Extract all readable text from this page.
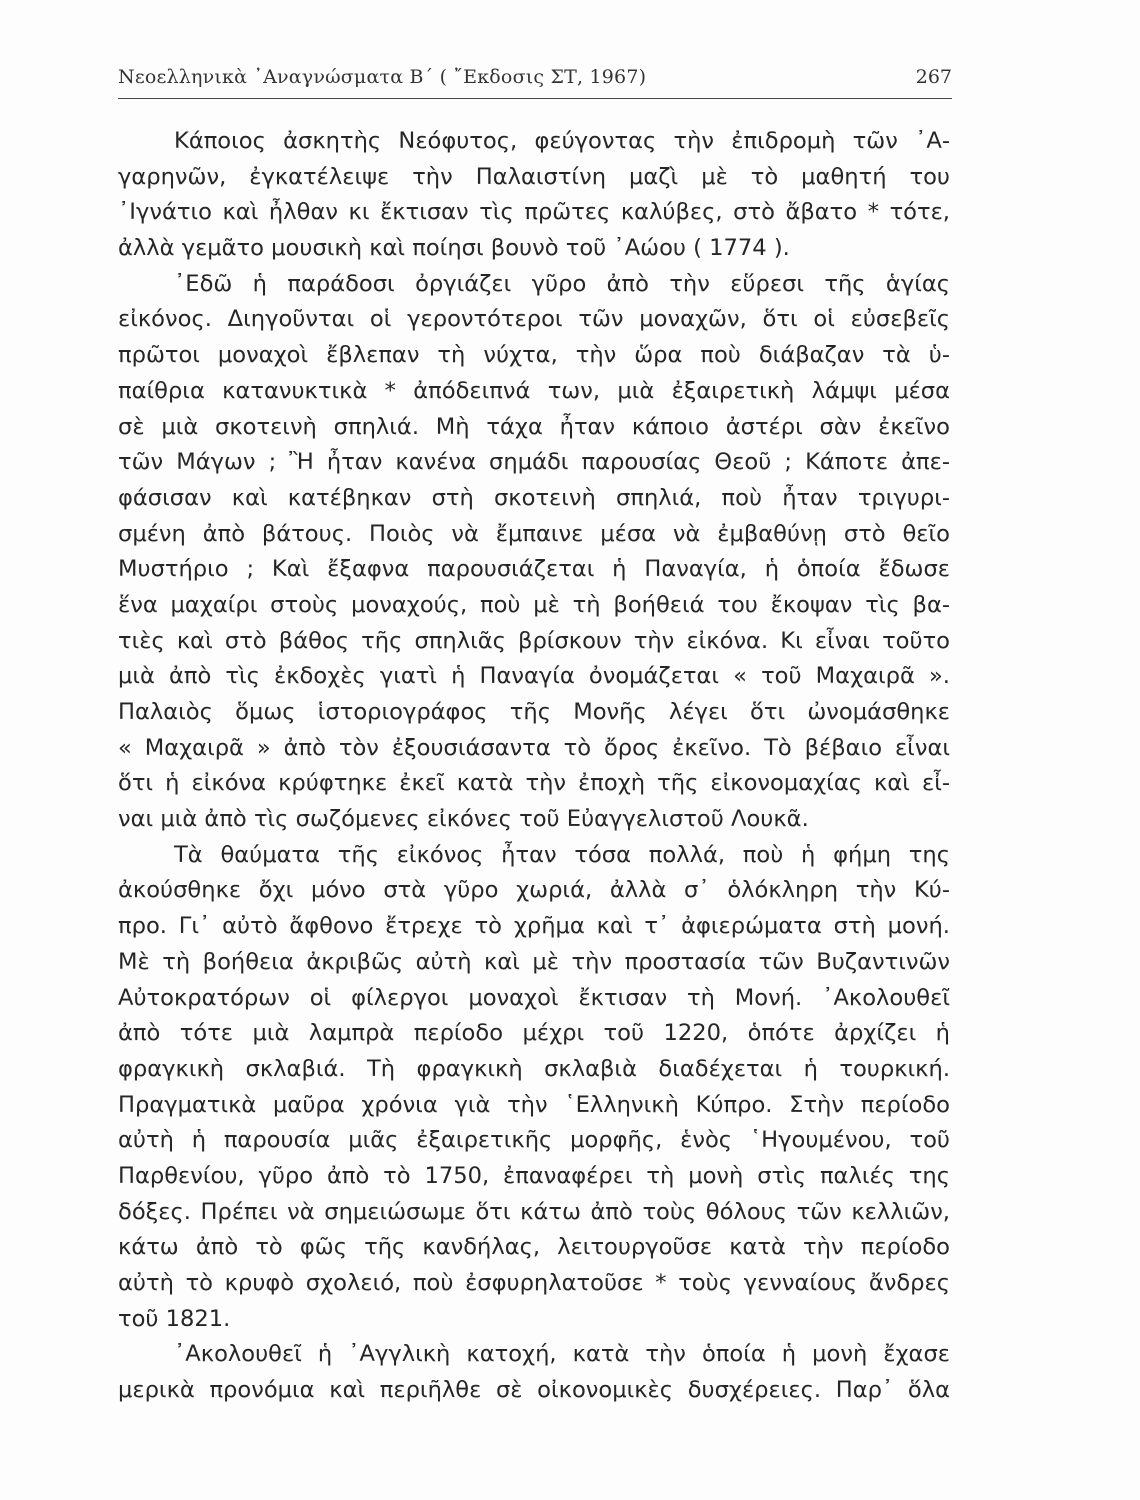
Νεοελληνικὰ ᾿Αναγνώσματα Β΄ ( ῎Εκδοσις ΣΤ, 1967)	267
Κάποιος ἀσκητὴς Νεόφυτος, φεύγοντας τὴν ἐπιδρομὴ τῶν ᾿Α-
γαρηνῶν, ἐγκατέλειψε τὴν Παλαιστίνη μαζὶ μὲ τὸ μαθητή του
᾿Ιγνάτιο καὶ ἦλθαν κι ἔκτισαν τὶς πρῶτες καλύβες, στὸ ἄβατο * τότε,
ἀλλὰ γεμᾶτο μουσικὴ καὶ ποίησι βουνὸ τοῦ ᾿Αώου ( 1774 ).
᾿Εδῶ ἡ παράδοσι ὀργιάζει γῦρο ἀπὸ τὴν εὕρεσι τῆς ἁγίας
εἰκόνος. Διηγοῦνται οἱ γεροντότεροι τῶν μοναχῶν, ὅτι οἱ εὐσεβεῖς
πρῶτοι μοναχοὶ ἔβλεπαν τὴ νύχτα, τὴν ὥρα ποὺ διάβαζαν τὰ ὑ-
παίθρια κατανυκτικὰ * ἀπόδειπνά των, μιὰ ἐξαιρετικὴ λάμψι μέσα
σὲ μιὰ σκοτεινὴ σπηλιά. Μὴ τάχα ἦταν κάποιο ἀστέρι σὰν ἐκεῖνο
τῶν Μάγων ; Ἢ ἦταν κανένα σημάδι παρουσίας Θεοῦ ; Κάποτε ἀπε-
φάσισαν καὶ κατέβηκαν στὴ σκοτεινὴ σπηλιά, ποὺ ἦταν τριγυρι-
σμένη ἀπὸ βάτους. Ποιὸς νὰ ἔμπαινε μέσα νὰ ἐμβαθύνῃ στὸ θεῖο
Μυστήριο ; Καὶ ἔξαφνα παρουσιάζεται ἡ Παναγία, ἡ ὁποία ἔδωσε
ἕνα μαχαίρι στοὺς μοναχούς, ποὺ μὲ τὴ βοήθειά του ἔκοψαν τὶς βα-
τιὲς καὶ στὸ βάθος τῆς σπηλιᾶς βρίσκουν τὴν εἰκόνα. Κι εἶναι τοῦτο
μιὰ ἀπὸ τὶς ἐκδοχὲς γιατὶ ἡ Παναγία ὀνομάζεται « τοῦ Μαχαιρᾶ ».
Παλαιὸς ὅμως ἱστοριογράφος τῆς Μονῆς λέγει ὅτι ὠνομάσθηκε
« Μαχαιρᾶ » ἀπὸ τὸν ἐξουσιάσαντα τὸ ὄρος ἐκεῖνο. Τὸ βέβαιο εἶναι
ὅτι ἡ εἰκόνα κρύφτηκε ἐκεῖ κατὰ τὴν ἐποχὴ τῆς εἰκονομαχίας καὶ εἶ-
ναι μιὰ ἀπὸ τὶς σωζόμενες εἰκόνες τοῦ Εὐαγγελιστοῦ Λουκᾶ.
Τὰ θαύματα τῆς εἰκόνος ἦταν τόσα πολλά, ποὺ ἡ φήμη της
ἀκούσθηκε ὄχι μόνο στὰ γῦρο χωριά, ἀλλὰ σ᾿ ὁλόκληρη τὴν Κύ-
προ. Γι᾿ αὐτὸ ἄφθονο ἔτρεχε τὸ χρῆμα καὶ τ᾿ ἀφιερώματα στὴ μονή.
Μὲ τὴ βοήθεια ἀκριβῶς αὐτὴ καὶ μὲ τὴν προστασία τῶν Βυζαντινῶν
Αὐτοκρατόρων οἱ φίλεργοι μοναχοὶ ἔκτισαν τὴ Μονή. ᾿Ακολουθεῖ
ἀπὸ τότε μιὰ λαμπρὰ περίοδο μέχρι τοῦ 1220, ὁπότε ἀρχίζει ἡ
φραγκικὴ σκλαβιά. Τὴ φραγκικὴ σκλαβιὰ διαδέχεται ἡ τουρκική.
Πραγματικὰ μαῦρα χρόνια γιὰ τὴν ῾Ελληνικὴ Κύπρο. Στὴν περίοδο
αὐτὴ ἡ παρουσία μιᾶς ἐξαιρετικῆς μορφῆς, ἑνὸς ῾Ηγουμένου, τοῦ
Παρθενίου, γῦρο ἀπὸ τὸ 1750, ἐπαναφέρει τὴ μονὴ στὶς παλιές της
δόξες. Πρέπει νὰ σημειώσωμε ὅτι κάτω ἀπὸ τοὺς θόλους τῶν κελλιῶν,
κάτω ἀπὸ τὸ φῶς τῆς κανδήλας, λειτουργοῦσε κατὰ τὴν περίοδο
αὐτὴ τὸ κρυφὸ σχολειό, ποὺ ἐσφυρηλατοῦσε * τοὺς γενναίους ἄνδρες
τοῦ 1821.
᾿Ακολουθεῖ ἡ ᾿Αγγλικὴ κατοχή, κατὰ τὴν ὁποία ἡ μονὴ ἔχασε
μερικὰ προνόμια καὶ περιῆλθε σὲ οἰκονομικὲς δυσχέρειες. Παρ᾿ ὅλα
